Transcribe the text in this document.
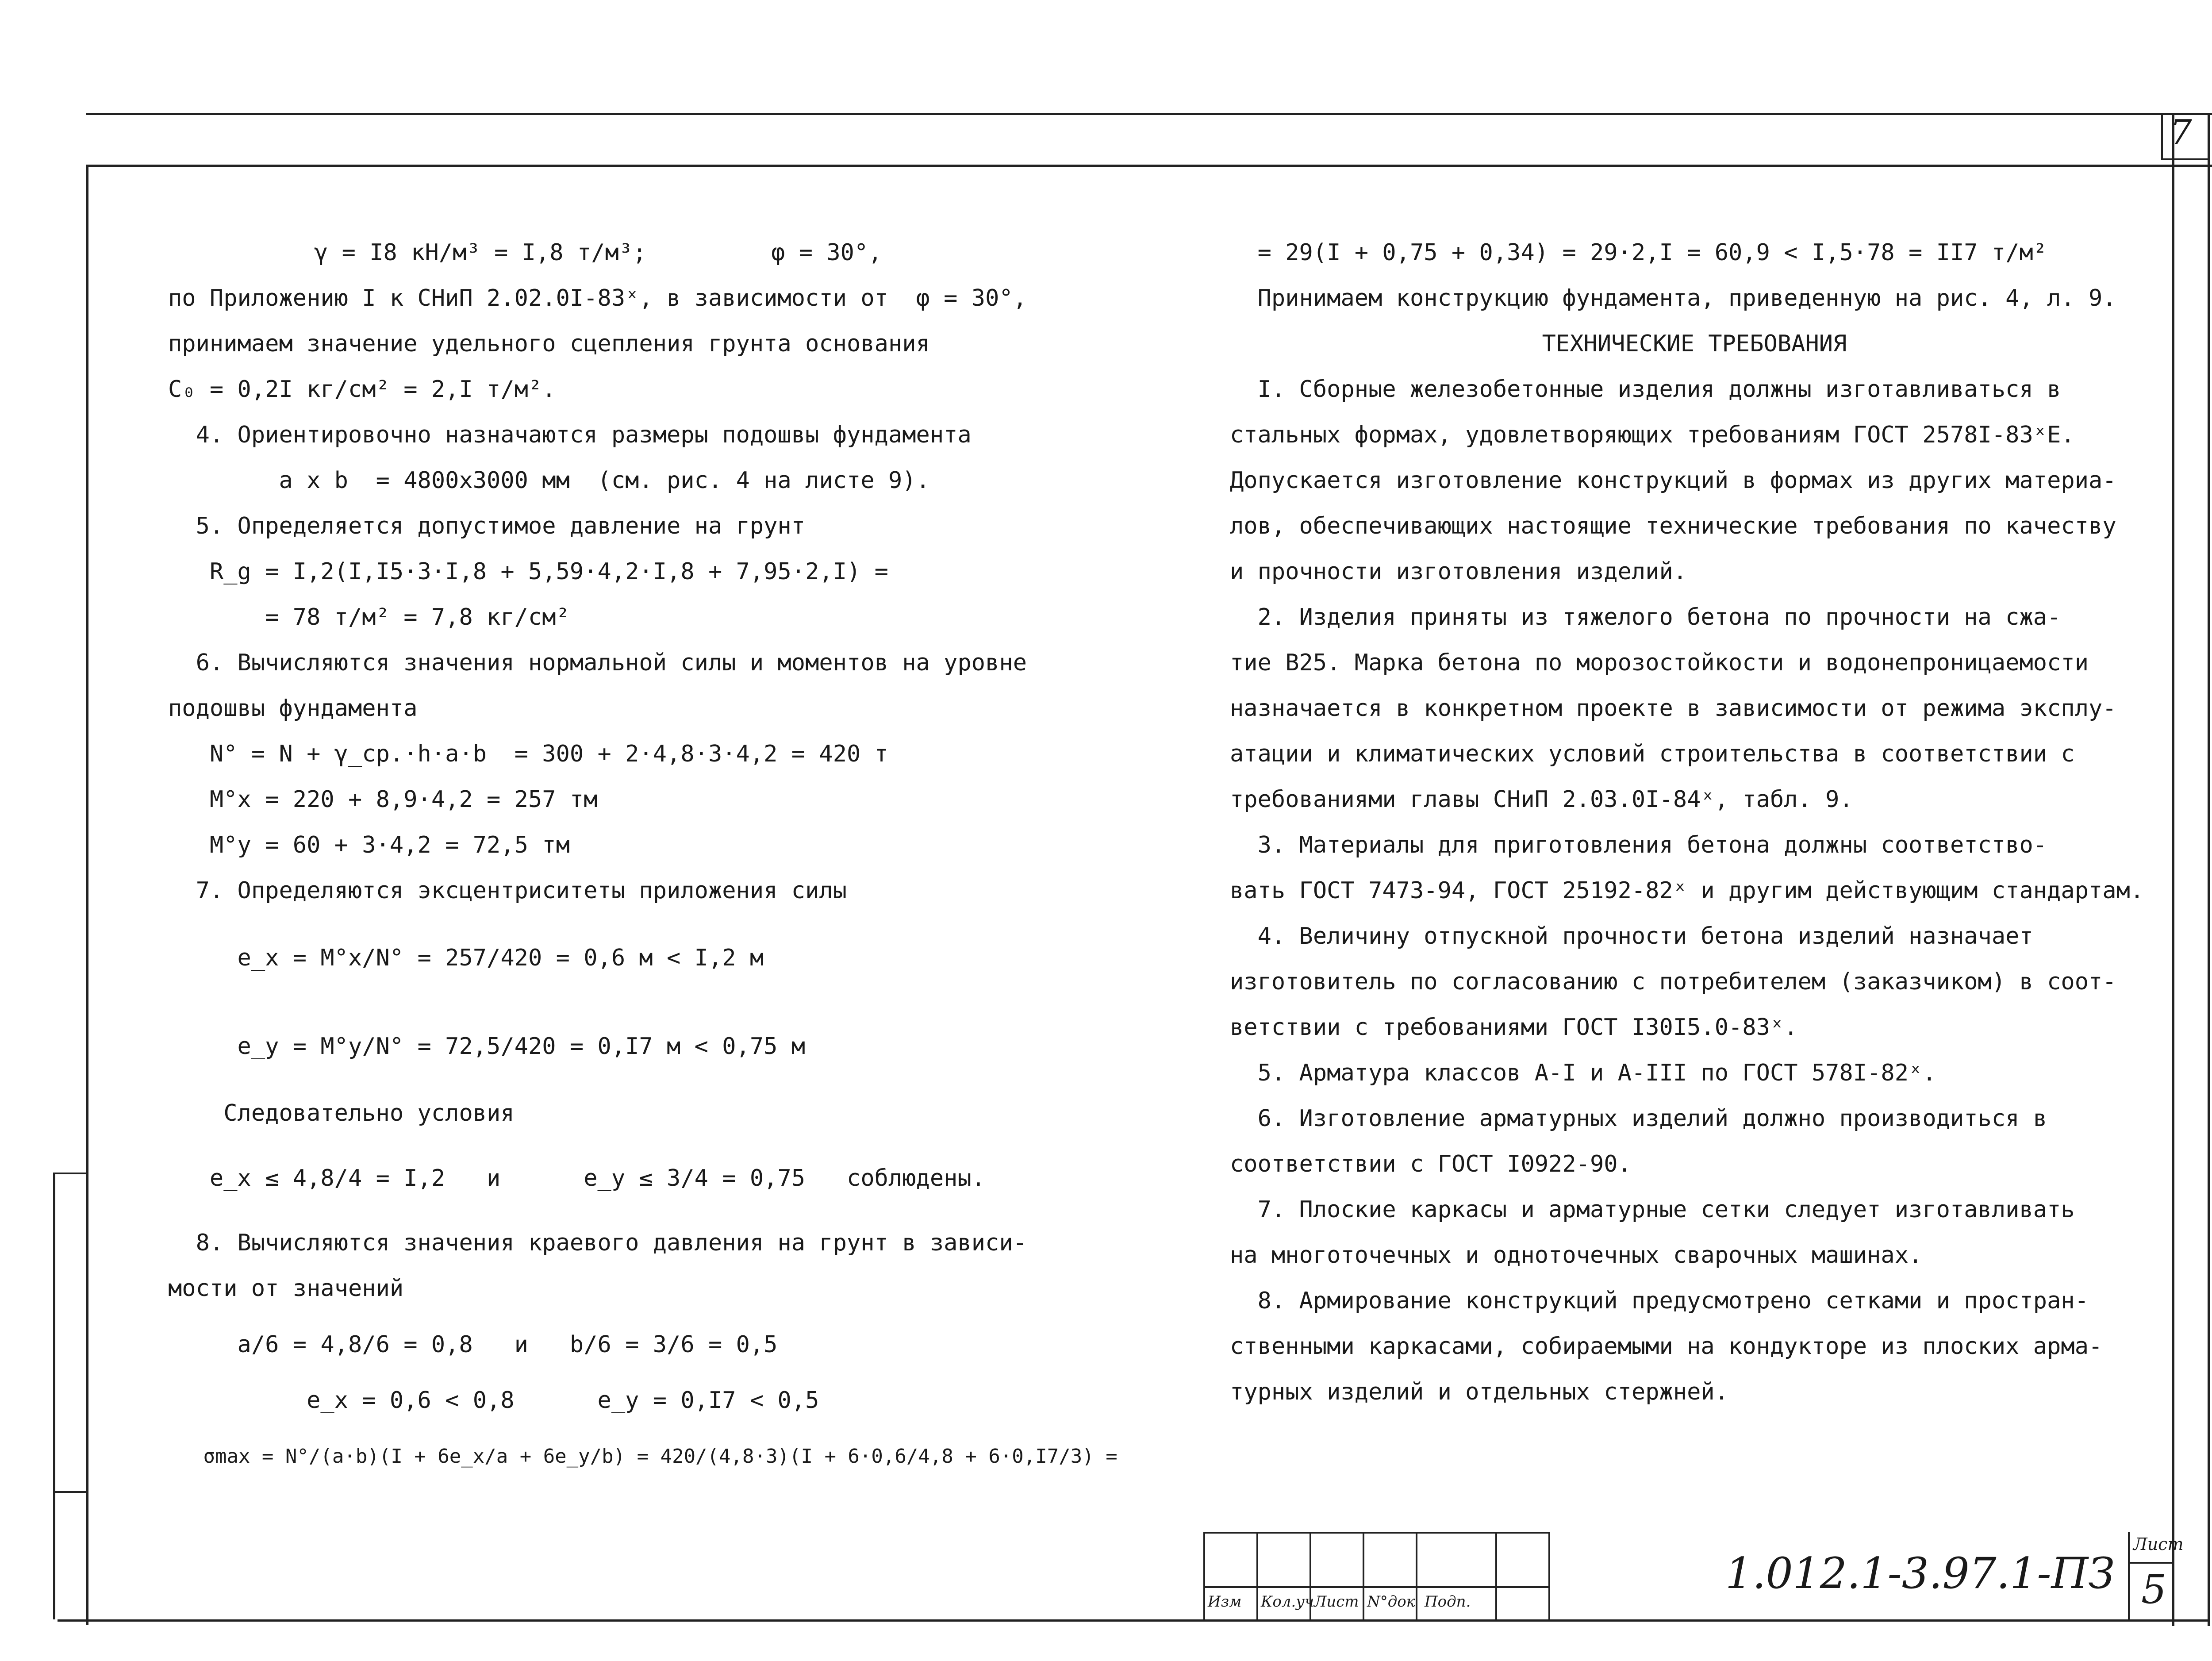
7

γ = I8 кН/м³ = I,8 т/м³;         φ = 30°,

по Приложению I к СНиП 2.02.0I-83ˣ, в зависимости от  φ = 30°,

принимаем значение удельного сцепления грунта основания

C₀ = 0,2I кг/см² = 2,I т/м².

4. Ориентировочно назначаются размеры подошвы фундамента

a x b  = 4800x3000 мм  (см. рис. 4 на листе 9).

5. Определяется допустимое давление на грунт

R_g = I,2(I,I5·3·I,8 + 5,59·4,2·I,8 + 7,95·2,I) =

= 78 т/м² = 7,8 кг/см²

6. Вычисляются значения нормальной силы и моментов на уровне

подошвы фундамента

N° = N + γ_ср.·h·a·b  = 300 + 2·4,8·3·4,2 = 420 т

M°x = 220 + 8,9·4,2 = 257 тм

M°y = 60 + 3·4,2 = 72,5 тм

7. Определяются эксцентриситеты приложения силы

e_x = M°x/N° = 257/420 = 0,6 м < I,2 м

e_y = M°y/N° = 72,5/420 = 0,I7 м < 0,75 м

Следовательно условия

e_x ≤ 4,8/4 = I,2   и      e_y ≤ 3/4 = 0,75   соблюдены.

8. Вычисляются значения краевого давления на грунт в зависи-

мости от значений

a/6 = 4,8/6 = 0,8   и   b/6 = 3/6 = 0,5

e_x = 0,6 < 0,8      e_y = 0,I7 < 0,5

σmax = N°/(a·b)(I + 6e_x/a + 6e_y/b) = 420/(4,8·3)(I + 6·0,6/4,8 + 6·0,I7/3) =

= 29(I + 0,75 + 0,34) = 29·2,I = 60,9 < I,5·78 = II7 т/м²

Принимаем конструкцию фундамента, приведенную на рис. 4, л. 9.

TEXHИЧЕСКИЕ ТРЕБОВАНИЯ

I. Сборные железобетонные изделия должны изготавливаться в

стальных формах, удовлетворяющих требованиям ГОСТ 2578I-83ˣE.

Допускается изготовление конструкций в формах из других материа-

лов, обеспечивающих настоящие технические требования по качеству

и прочности изготовления изделий.

2. Изделия приняты из тяжелого бетона по прочности на сжа-

тие B25. Марка бетона по морозостойкости и водонепроницаемости

назначается в конкретном проекте в зависимости от режима эксплу-

атации и климатических условий строительства в соответствии с

требованиями главы СНиП 2.03.0I-84ˣ, табл. 9.

3. Материалы для приготовления бетона должны соответство-

вать ГОСТ 7473-94, ГОСТ 25192-82ˣ и другим действующим стандартам.

4. Величину отпускной прочности бетона изделий назначает

изготовитель по согласованию с потребителем (заказчиком) в соот-

ветствии с требованиями ГОСТ I30I5.0-83ˣ.

5. Арматура классов A-I и A-III по ГОСТ 578I-82ˣ.

6. Изготовление арматурных изделий должно производиться в

соответствии с ГОСТ I0922-90.

7. Плоские каркасы и арматурные сетки следует изготавливать

на многоточечных и одноточечных сварочных машинах.

8. Армирование конструкций предусмотрено сетками и простран-

ственными каркасами, собираемыми на кондукторе из плоских арма-

турных изделий и отдельных стержней.

Изм Кол.уч Лист N°док Подп.
1.012.1-3.97.1-ПЗ
Лист
5
